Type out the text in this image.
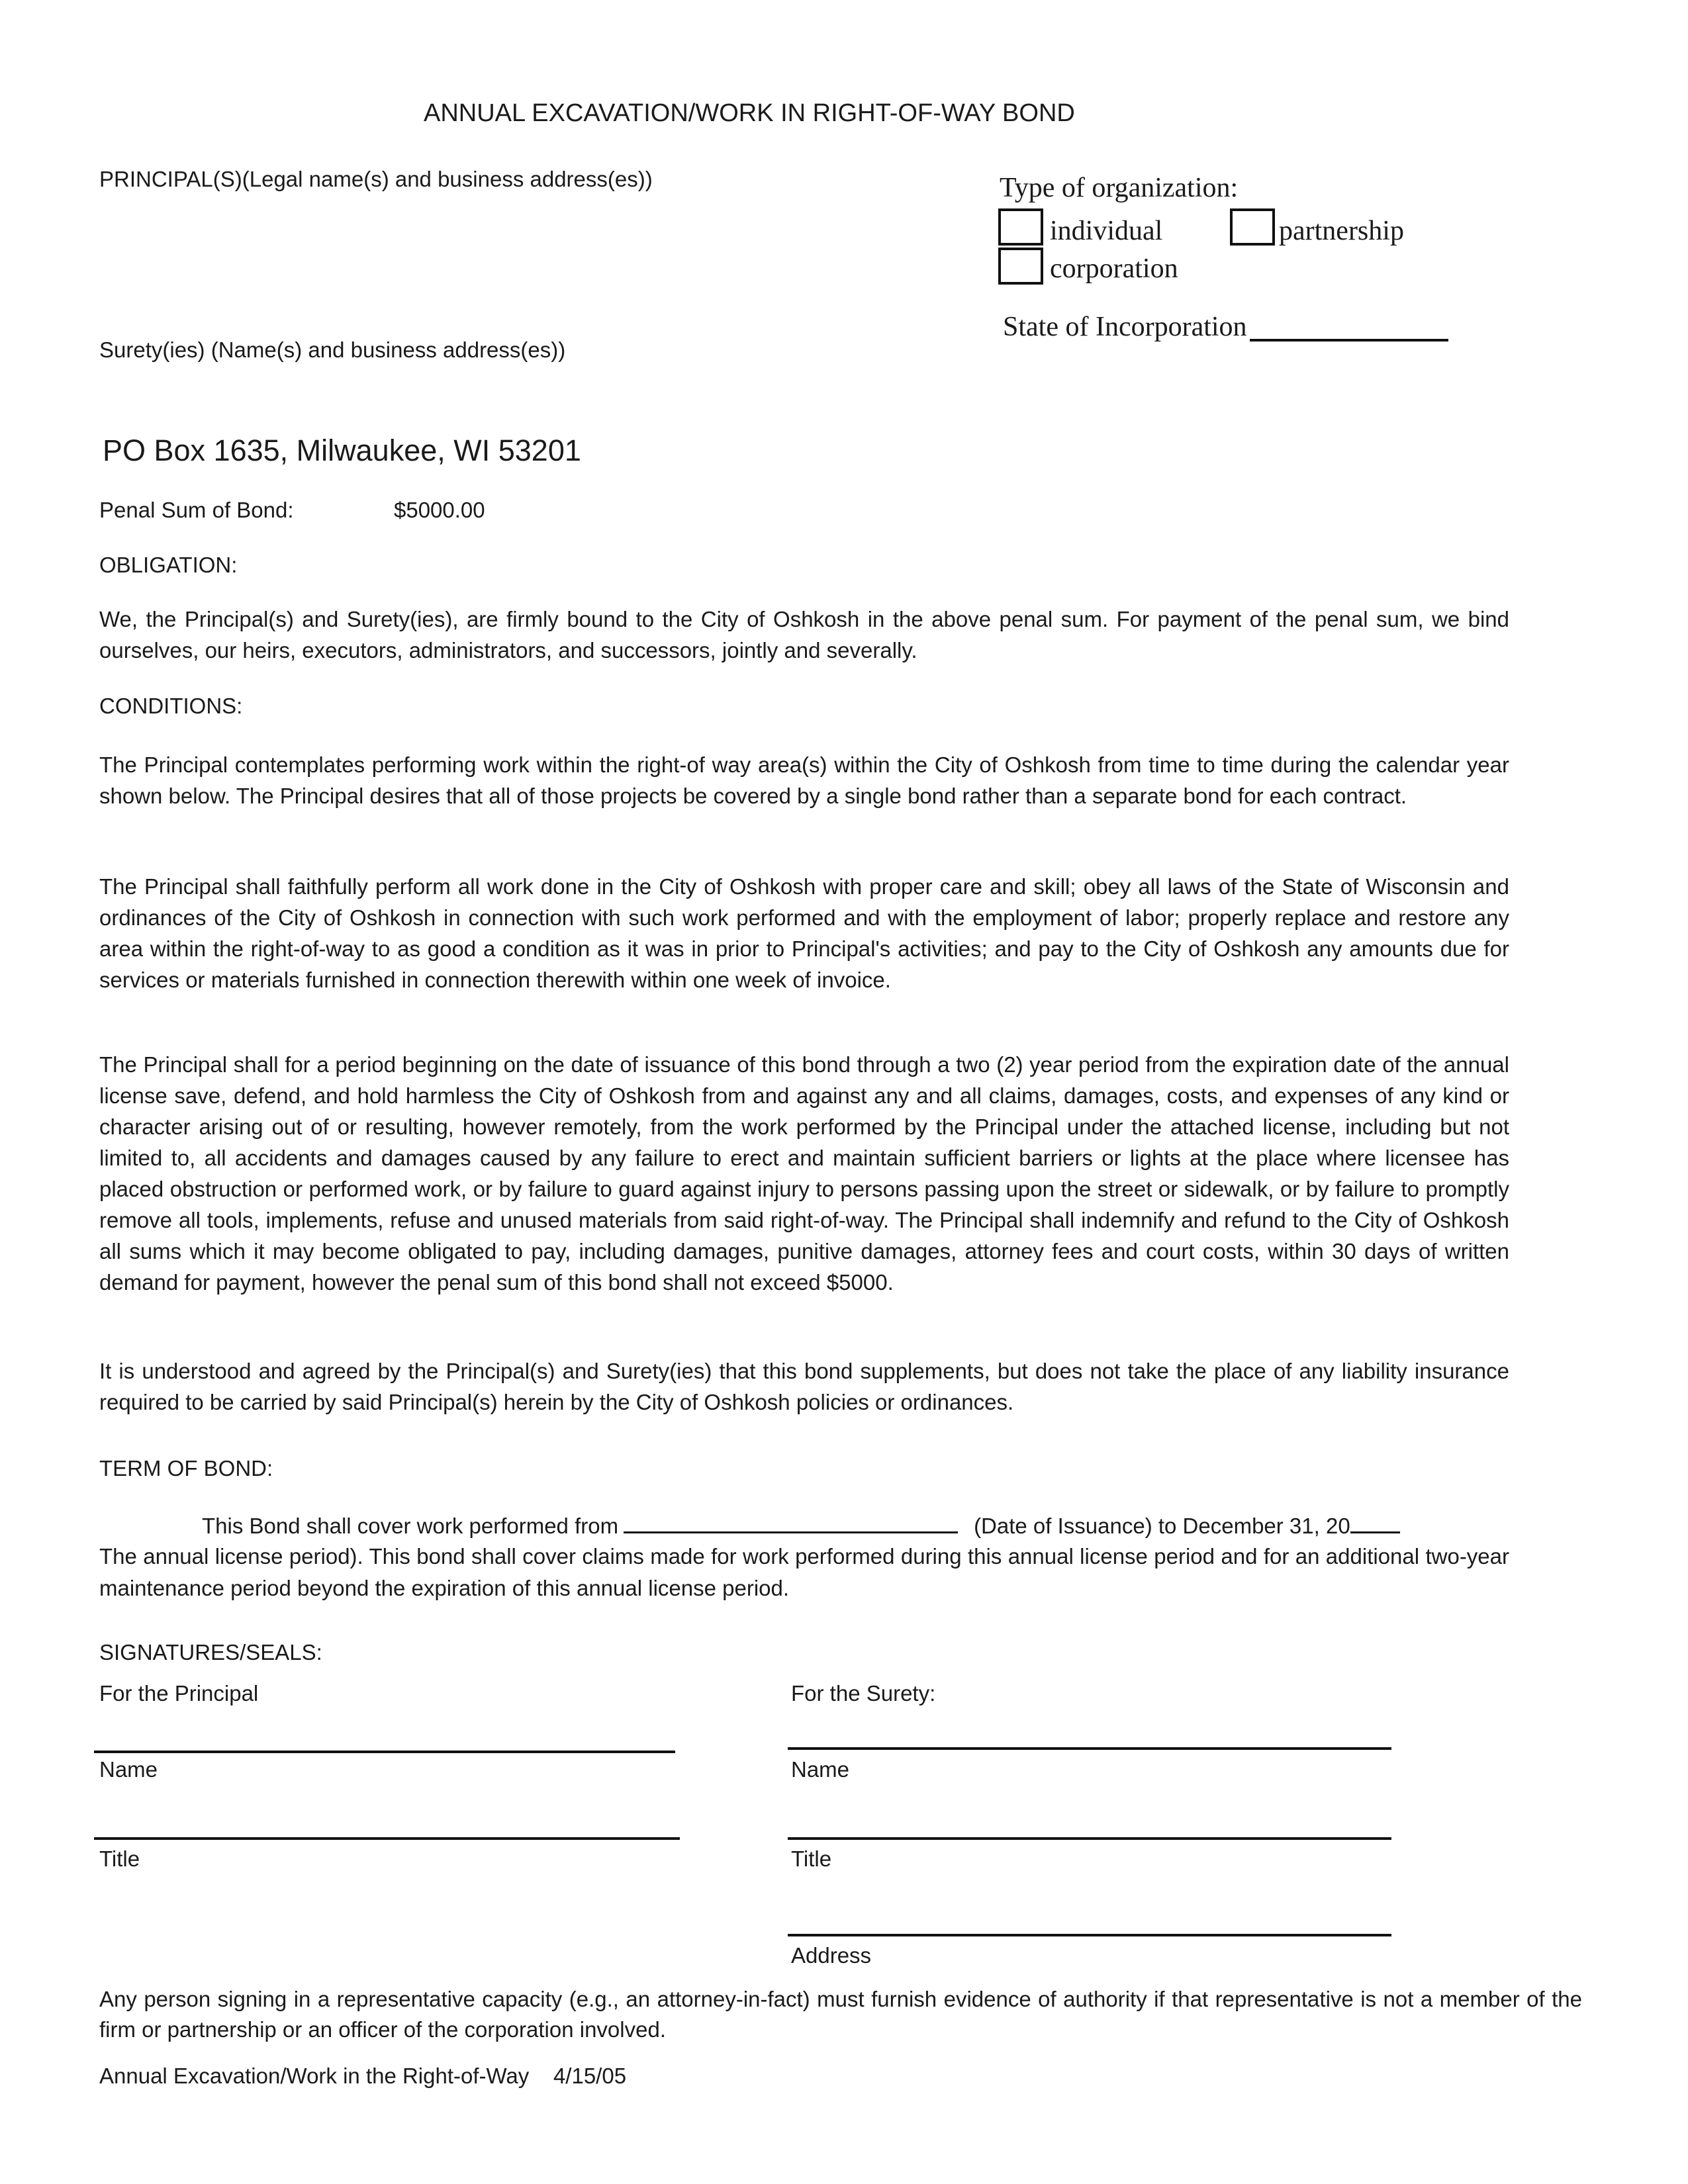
ANNUAL EXCAVATION/WORK IN RIGHT-OF-WAY BOND
PRINCIPAL(S)(Legal name(s) and business address(es))	Type of organization:
individual	partnership
corporation
State of Incorporation
Surety(ies) (Name(s) and business address(es))
PO Box 1635, Milwaukee, WI 53201
Penal Sum of Bond:	$5000.00
OBLIGATION:
We, the Principal(s) and Surety(ies), are firmly bound to the City of Oshkosh in the above penal sum. For payment of the penal sum, we bind ourselves, our heirs, executors, administrators, and successors, jointly and severally.
CONDITIONS:
The Principal contemplates performing work within the right-of way area(s) within the City of Oshkosh from time to time during the calendar year shown below. The Principal desires that all of those projects be covered by a single bond rather than a separate bond for each contract.
The Principal shall faithfully perform all work done in the City of Oshkosh with proper care and skill; obey all laws of the State of Wisconsin and ordinances of the City of Oshkosh in connection with such work performed and with the employment of labor; properly replace and restore any area within the right-of-way to as good a condition as it was in prior to Principal's activities; and pay to the City of Oshkosh any amounts due for services or materials furnished in connection therewith within one week of invoice.
The Principal shall for a period beginning on the date of issuance of this bond through a two (2) year period from the expiration date of the annual license save, defend, and hold harmless the City of Oshkosh from and against any and all claims, damages, costs, and expenses of any kind or character arising out of or resulting, however remotely, from the work performed by the Principal under the attached license, including but not limited to, all accidents and damages caused by any failure to erect and maintain sufficient barriers or lights at the place where licensee has placed obstruction or performed work, or by failure to guard against injury to persons passing upon the street or sidewalk, or by failure to promptly remove all tools, implements, refuse and unused materials from said right-of-way. The Principal shall indemnify and refund to the City of Oshkosh all sums which it may become obligated to pay, including damages, punitive damages, attorney fees and court costs, within 30 days of written demand for payment, however the penal sum of this bond shall not exceed $5000.
It is understood and agreed by the Principal(s) and Surety(ies) that this bond supplements, but does not take the place of any liability insurance required to be carried by said Principal(s) herein by the City of Oshkosh policies or ordinances.
TERM OF BOND:
This Bond shall cover work performed from	(Date of Issuance) to December 31, 20
The annual license period). This bond shall cover claims made for work performed during this annual license period and for an additional two-year maintenance period beyond the expiration of this annual license period.
SIGNATURES/SEALS:
For the Principal	For the Surety:
Name	Name
Title	Title
Address
Any person signing in a representative capacity (e.g., an attorney-in-fact) must furnish evidence of authority if that representative is not a member of the firm or partnership or an officer of the corporation involved.
Annual Excavation/Work in the Right-of-Way    4/15/05
